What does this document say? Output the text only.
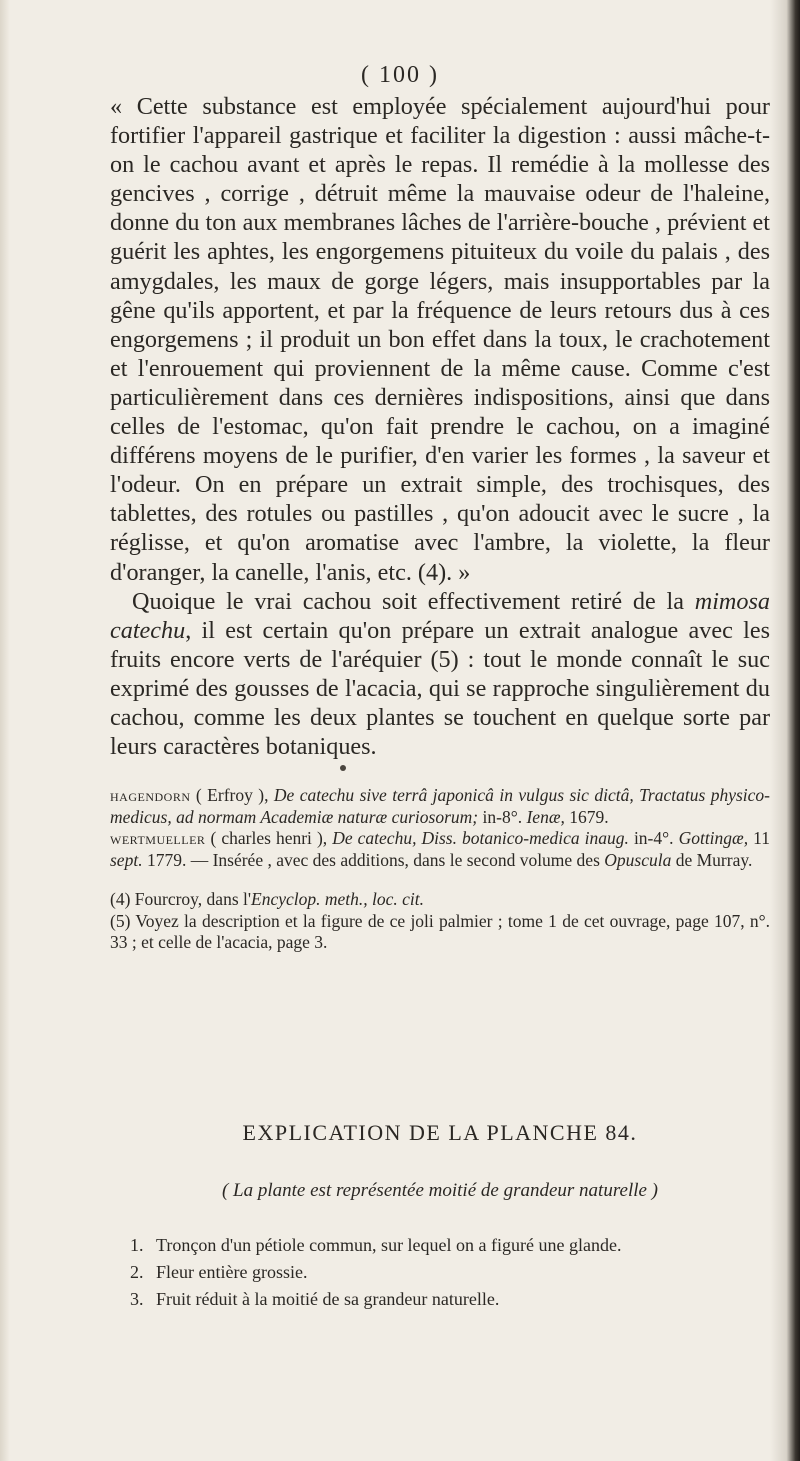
( 100 )

« Cette substance est employée spécialement aujourd'hui pour fortifier l'appareil gastrique et faciliter la digestion : aussi mâche-t-on le cachou avant et après le repas. Il remédie à la mollesse des gencives , corrige , détruit même la mauvaise odeur de l'haleine, donne du ton aux membranes lâches de l'arrière-bouche , prévient et guérit les aphtes, les engorgemens pituiteux du voile du palais , des amygdales, les maux de gorge légers, mais insupportables par la gêne qu'ils apportent, et par la fréquence de leurs retours dus à ces engorgemens ; il produit un bon effet dans la toux, le crachotement et l'enrouement qui proviennent de la même cause. Comme c'est particulièrement dans ces dernières indispositions, ainsi que dans celles de l'estomac, qu'on fait prendre le cachou, on a imaginé différens moyens de le purifier, d'en varier les formes , la saveur et l'odeur. On en prépare un extrait simple, des trochisques, des tablettes, des rotules ou pastilles , qu'on adoucit avec le sucre , la réglisse, et qu'on aromatise avec l'ambre, la violette, la fleur d'oranger, la canelle, l'anis, etc. (4). »

Quoique le vrai cachou soit effectivement retiré de la mimosa catechu, il est certain qu'on prépare un extrait analogue avec les fruits encore verts de l'aréquier (5) : tout le monde connaît le suc exprimé des gousses de l'acacia, qui se rapproche singulièrement du cachou, comme les deux plantes se touchent en quelque sorte par leurs caractères botaniques.

hagendorn ( Erfroy ), De catechu sive terrâ japonicâ in vulgus sic dictâ, Tractatus physico-medicus, ad normam Academiæ naturæ curiosorum; in-8°. Ienæ, 1679.

wertmueller ( charles henri ), De catechu, Diss. botanico-medica inaug. in-4°. Gottingæ, 11 sept. 1779. — Insérée , avec des additions, dans le second volume des Opuscula de Murray.

(4) Fourcroy, dans l'Encyclop. meth., loc. cit.

(5) Voyez la description et la figure de ce joli palmier ; tome 1 de cet ouvrage, page 107, n°. 33 ; et celle de l'acacia, page 3.

EXPLICATION DE LA PLANCHE 84.
( La plante est représentée moitié de grandeur naturelle )
1. Tronçon d'un pétiole commun, sur lequel on a figuré une glande.
2. Fleur entière grossie.
3. Fruit réduit à la moitié de sa grandeur naturelle.
